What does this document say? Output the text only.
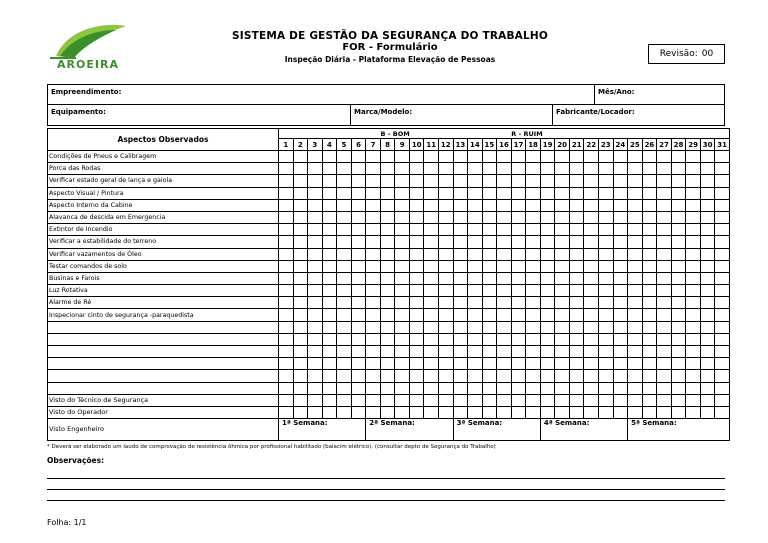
AROEIRA
SISTEMA DE GESTÃO DA SEGURANÇA DO TRABALHO
FOR - Formulário
Inspeção Diária - Plataforma Elevação de Pessoas
Revisão: 00
Empreendimento:	Mês/Ano:
Equipamento:	Marca/Modelo:	Fabricante/Locador:
Aspectos Observados	B - BOM																R - RUIM														
	1	2	3	4	5	6	7	8	9	10	11	12	13	14	15	16	17	18	19	20	21	22	23	24	25	26	27	28	29	30	31
Condições de Pneus e Calibragem																															
Porca das Rodas																															
Verificar estado geral de lança e gaiola																															
Aspecto Visual / Pintura																															
Aspecto Interno da Cabine																															
Alavanca de descida em Emergencia																															
Extintor de Incendio																															
Verificar a estabilidade do terreno																															
Verificar vazamentos de Óleo																															
Testar comandos de solo																															
Businas e Farois																															
Luz Rotativa																															
Alarme de Ré																															
Inspecionar cinto de segurança -paraquedista																															

Visto do Técnico de Segurança																															
Visto do Operador																															
Visto Engenheiro	1ª Semana:						2ª Semana:						3ª Semana:						4ª Semana:						5ª Semana:						
* Deverá ser elaborado um laudo de comprovação de resistência ôhmica por profissional habilitado (balacim elétrico). (consultar depto de Segurança do Trabalho)
Observações:
Folha: 1/1
